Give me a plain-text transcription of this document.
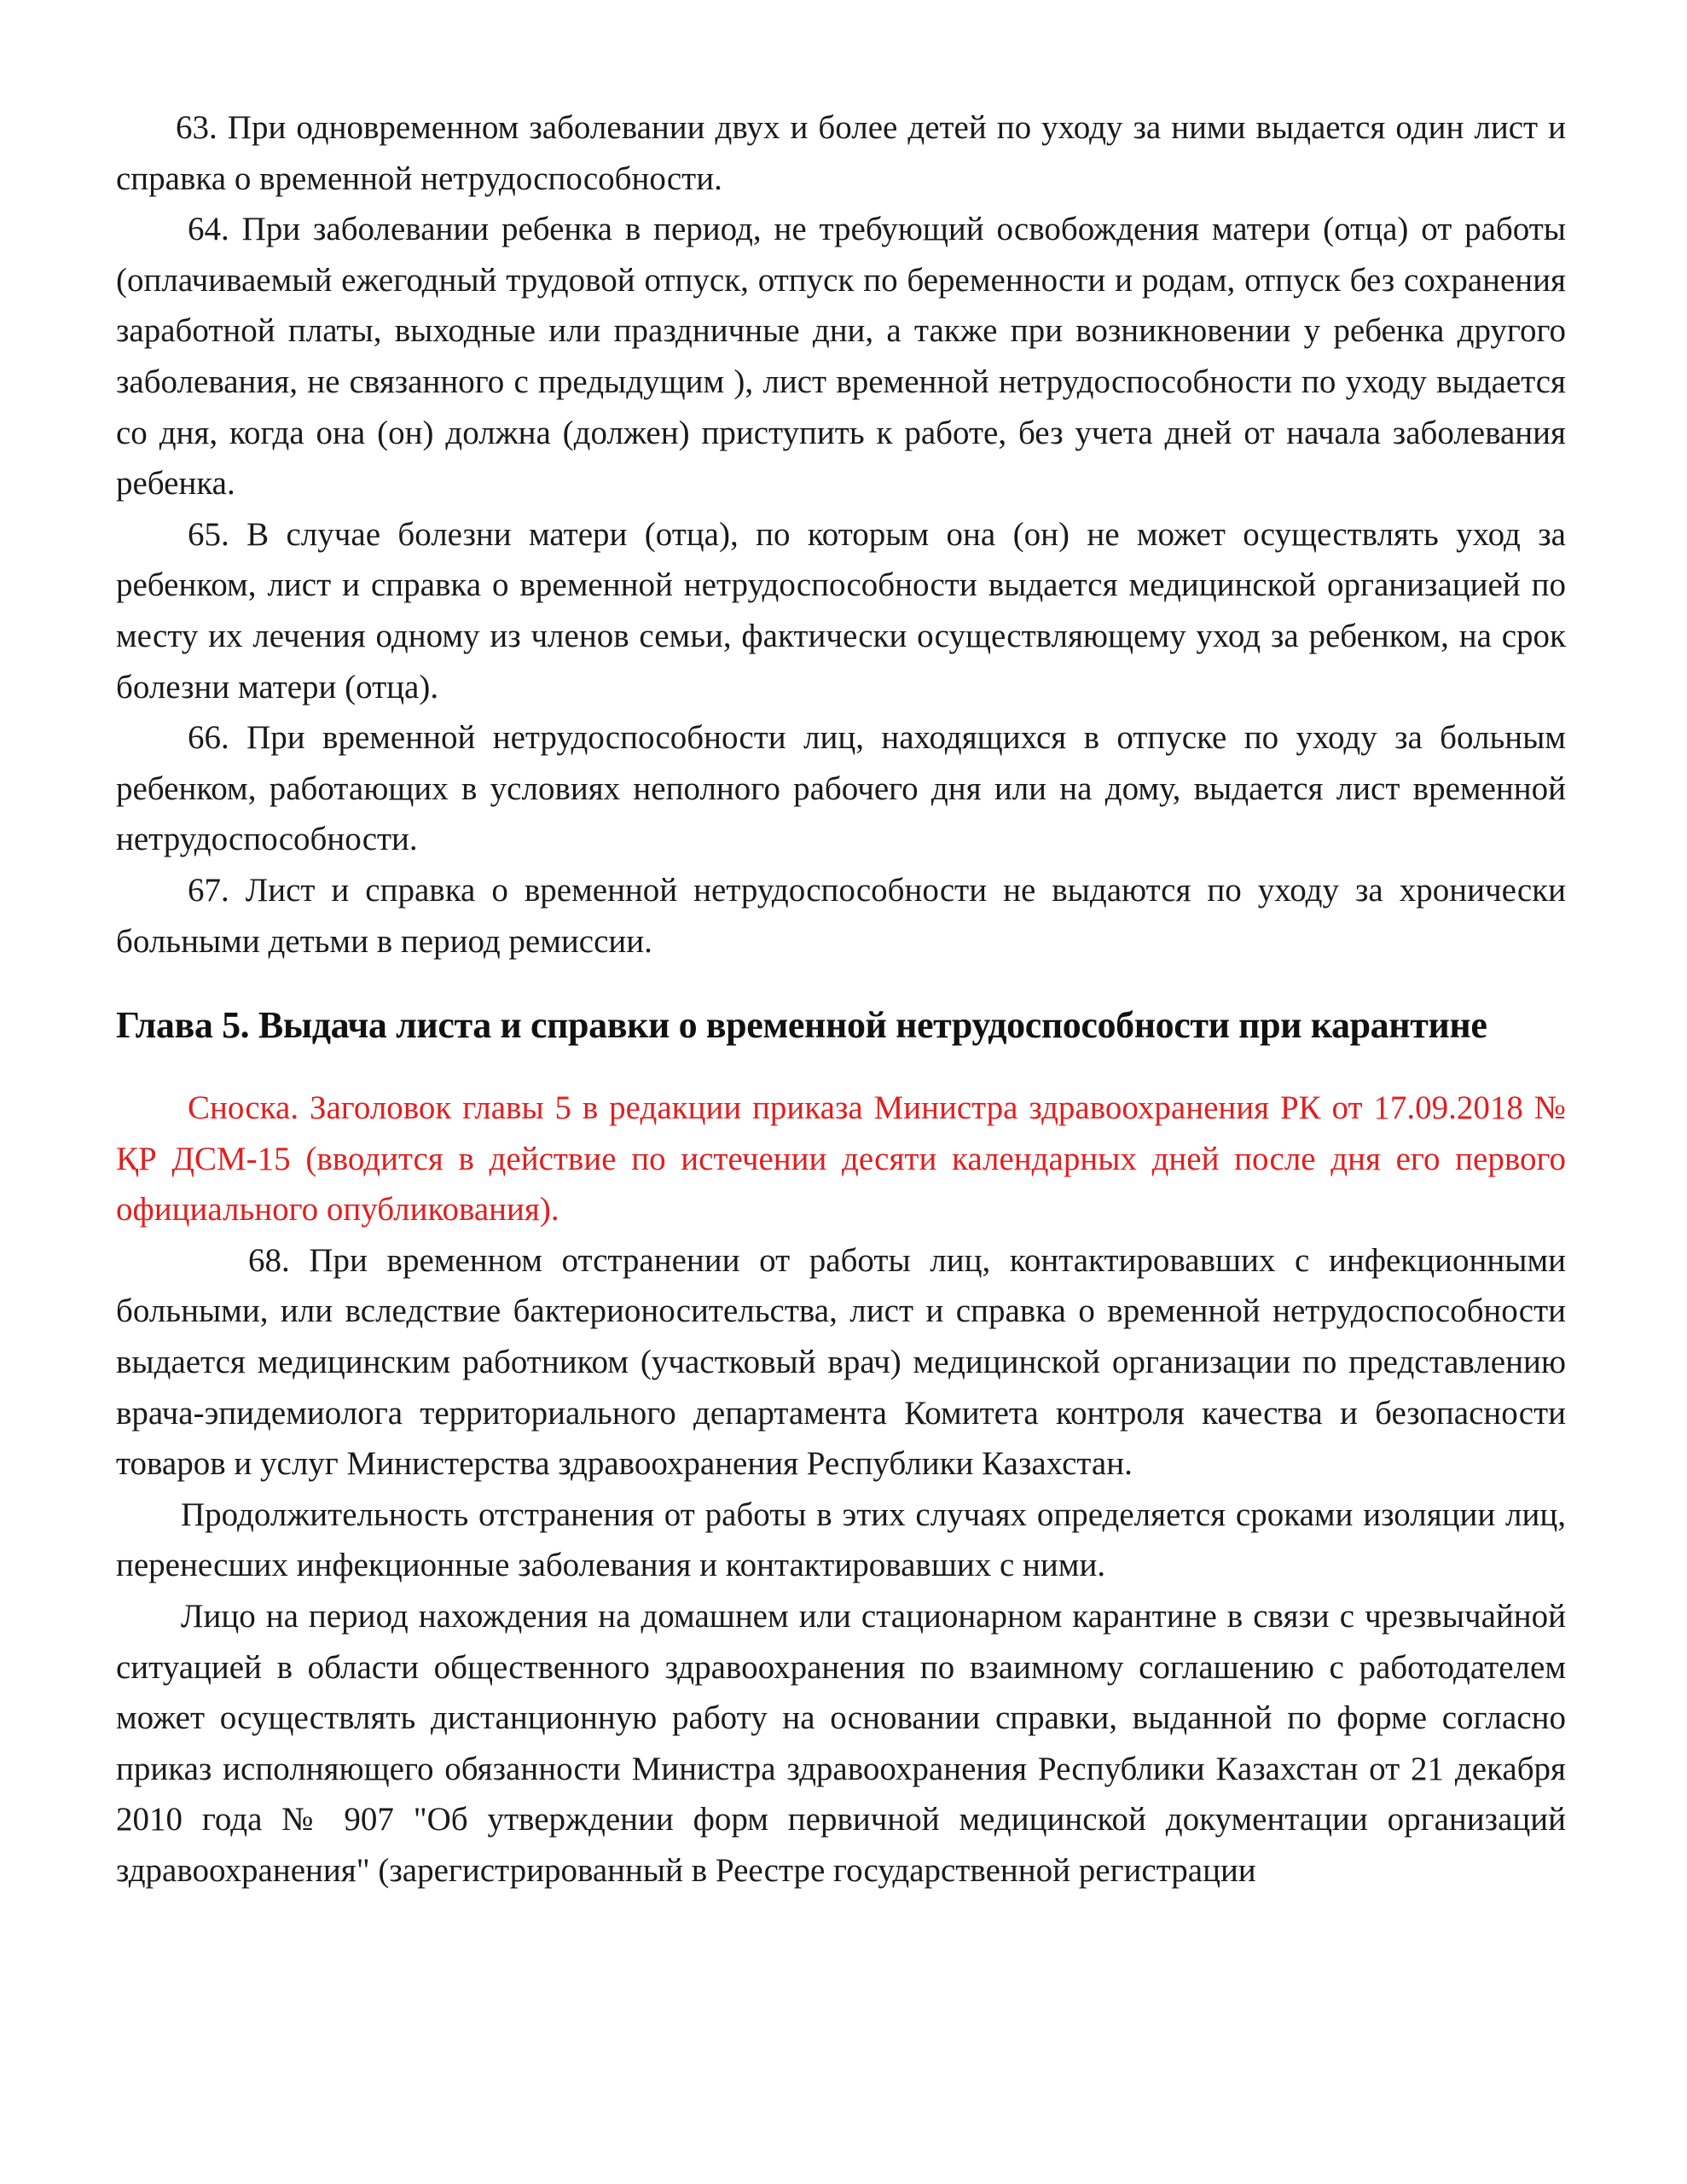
63. При одновременном заболевании двух и более детей по уходу за ними выдается один лист и справка о временной нетрудоспособности.

64. При заболевании ребенка в период, не требующий освобождения матери (отца) от работы (оплачиваемый ежегодный трудовой отпуск, отпуск по беременности и родам, отпуск без сохранения заработной платы, выходные или праздничные дни, а также при возникновении у ребенка другого заболевания, не связанного с предыдущим ), лист временной нетрудоспособности по уходу выдается со дня, когда она (он) должна (должен) приступить к работе, без учета дней от начала заболевания ребенка.

65. В случае болезни матери (отца), по которым она (он) не может осуществлять уход за ребенком, лист и справка о временной нетрудоспособности выдается медицинской организацией по месту их лечения одному из членов семьи, фактически осуществляющему уход за ребенком, на срок болезни матери (отца).

66. При временной нетрудоспособности лиц, находящихся в отпуске по уходу за больным ребенком, работающих в условиях неполного рабочего дня или на дому, выдается лист временной нетрудоспособности.

67. Лист и справка о временной нетрудоспособности не выдаются по уходу за хронически больными детьми в период ремиссии.

Глава 5. Выдача листа и справки о временной нетрудоспособности при карантине

Сноска. Заголовок главы 5 в редакции приказа Министра здравоохранения РК от 17.09.2018 № ҚР ДСМ-15 (вводится в действие по истечении десяти календарных дней после дня его первого официального опубликования).

68. При временном отстранении от работы лиц, контактировавших с инфекционными больными, или вследствие бактерионосительства, лист и справка о временной нетрудоспособности выдается медицинским работником (участковый врач) медицинской организации по представлению врача-эпидемиолога территориального департамента Комитета контроля качества и безопасности товаров и услуг Министерства здравоохранения Республики Казахстан.

Продолжительность отстранения от работы в этих случаях определяется сроками изоляции лиц, перенесших инфекционные заболевания и контактировавших с ними.

Лицо на период нахождения на домашнем или стационарном карантине в связи с чрезвычайной ситуацией в области общественного здравоохранения по взаимному соглашению с работодателем может осуществлять дистанционную работу на основании справки, выданной по форме согласно приказ исполняющего обязанности Министра здравоохранения Республики Казахстан от 21 декабря 2010 года № 907 "Об утверждении форм первичной медицинской документации организаций здравоохранения" (зарегистрированный в Реестре государственной регистрации
